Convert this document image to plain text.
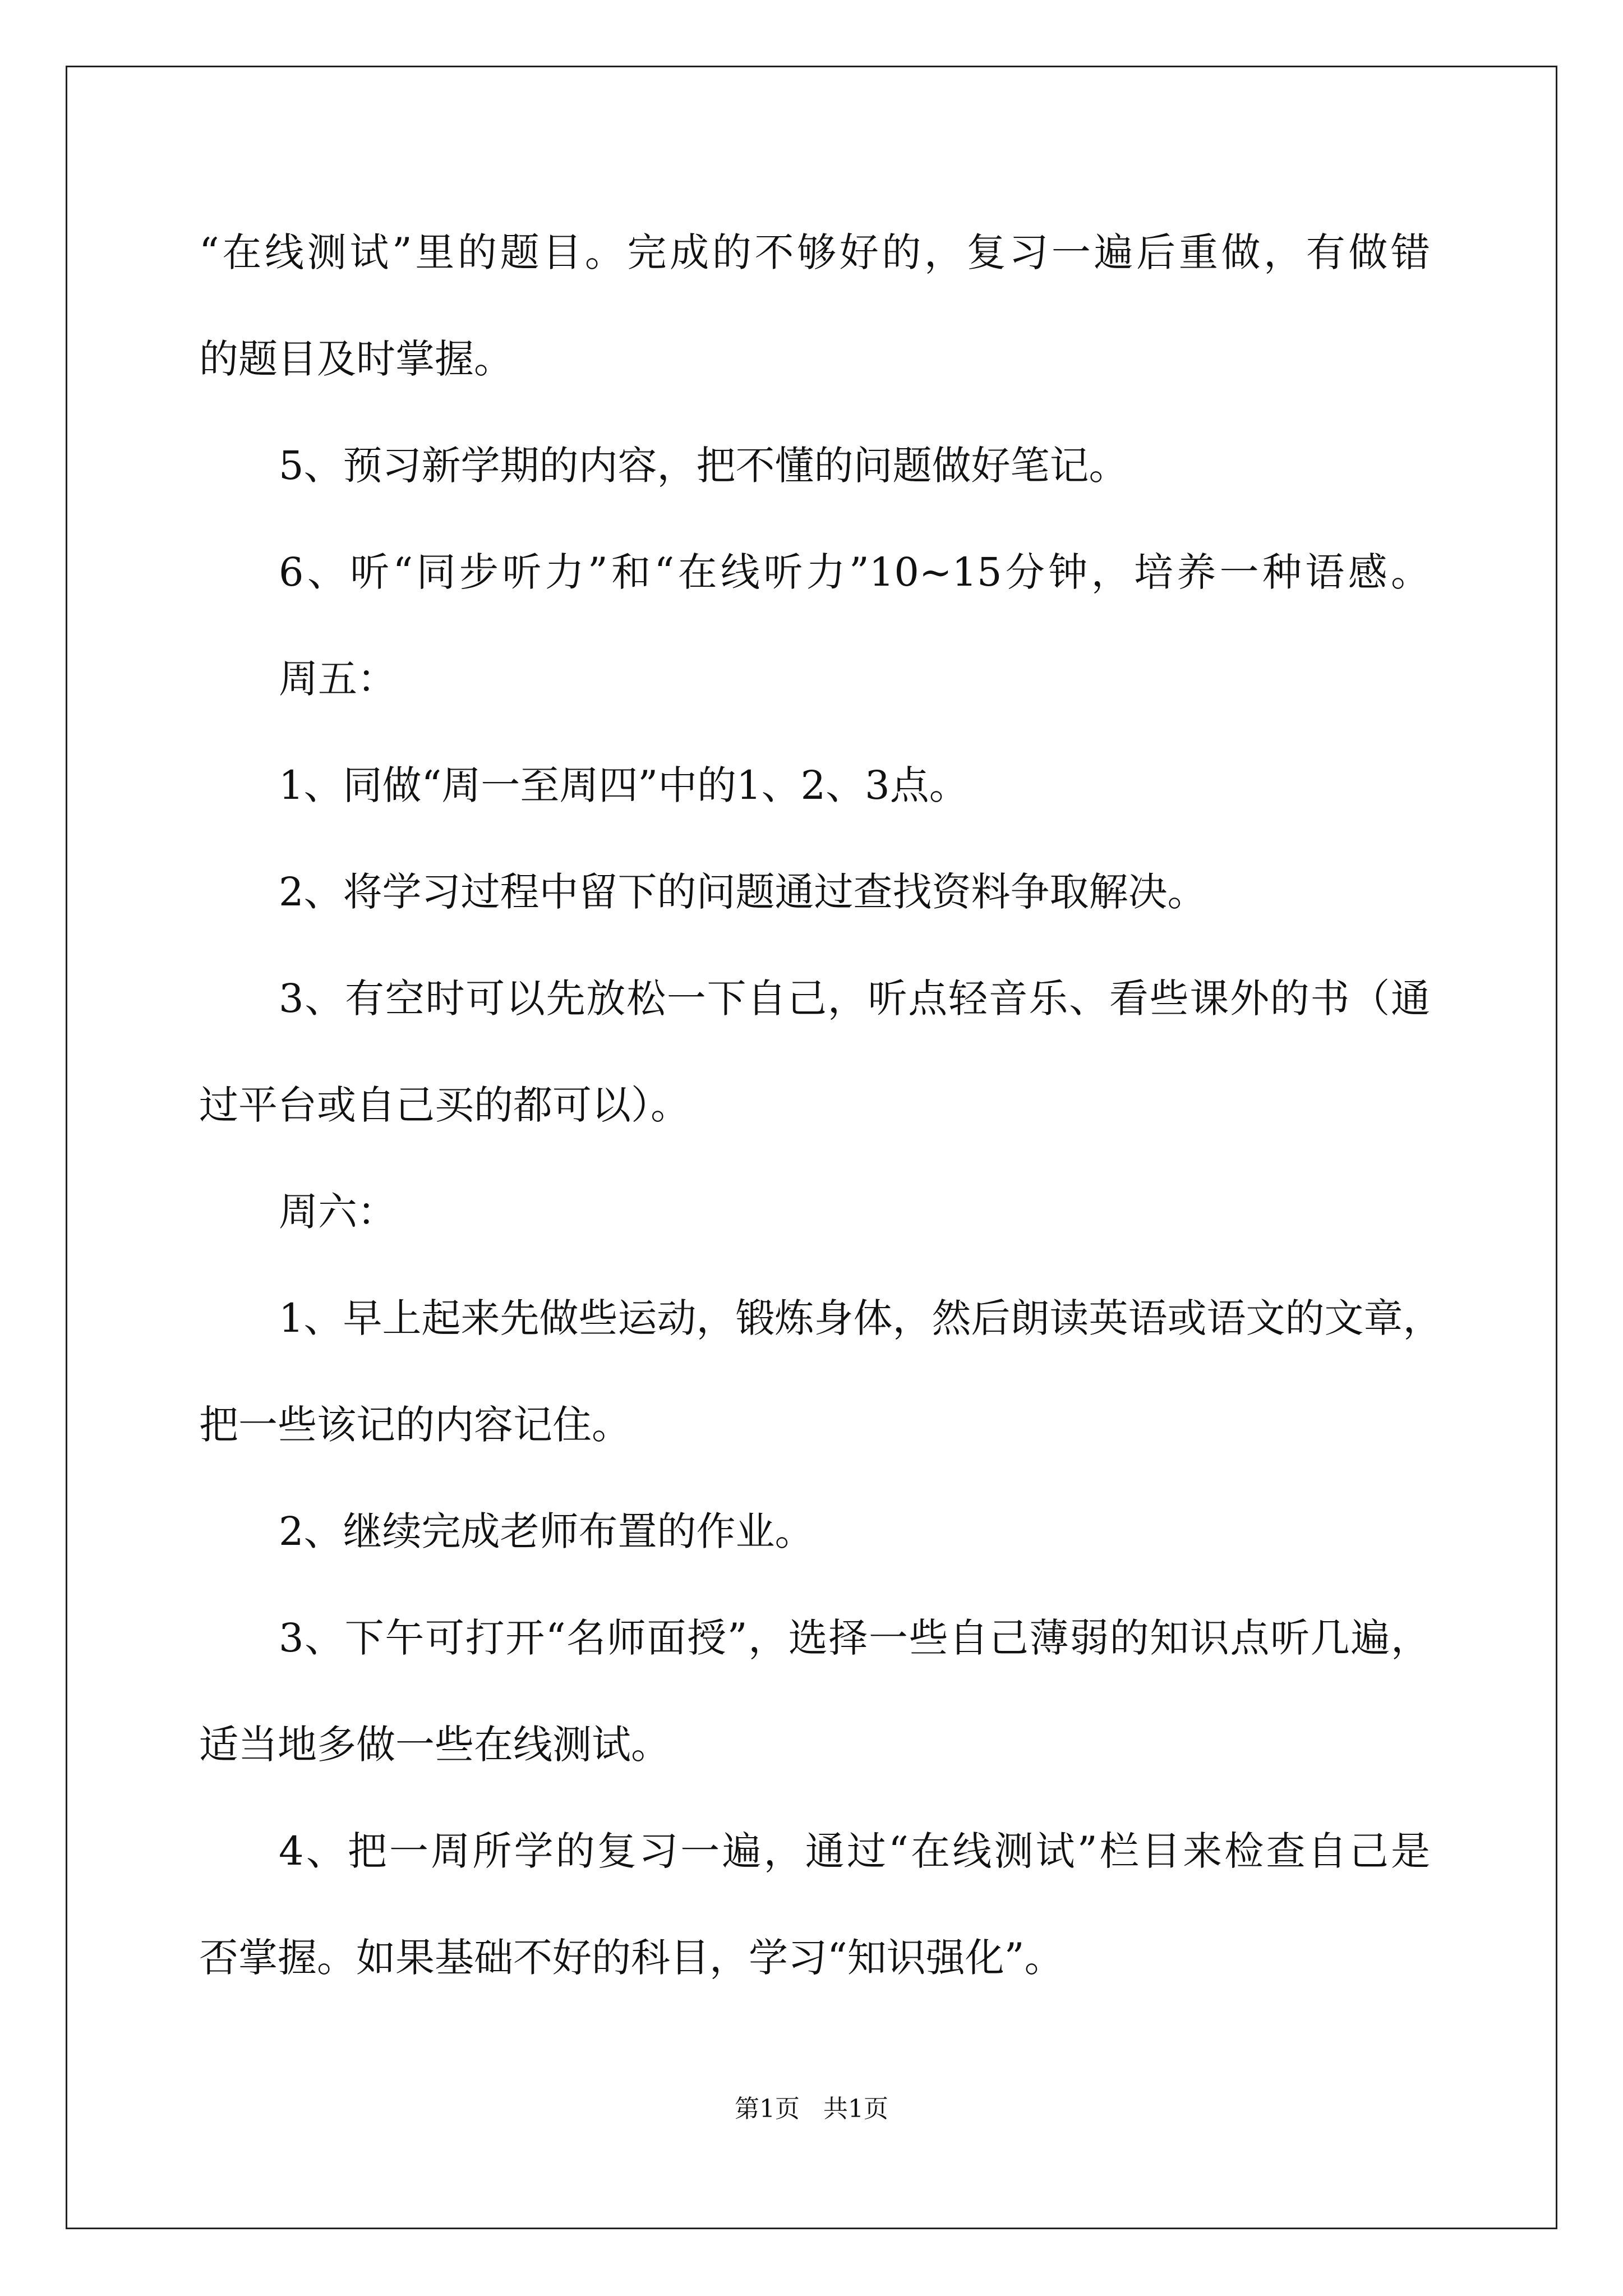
“在线测试”里的题目。完成的不够好的，复习一遍后重做，有做错
的题目及时掌握。
5、预习新学期的内容，把不懂的问题做好笔记。
6、听“同步听力”和“在线听力”10~15分钟，培养一种语感。
周五：
1、同做“周一至周四”中的1、2、3点。
2、将学习过程中留下的问题通过查找资料争取解决。
3、有空时可以先放松一下自己，听点轻音乐、看些课外的书（通
过平台或自己买的都可以）。
周六：
1、早上起来先做些运动，锻炼身体，然后朗读英语或语文的文章，
把一些该记的内容记住。
2、继续完成老师布置的作业。
3、下午可打开“名师面授”，选择一些自己薄弱的知识点听几遍，
适当地多做一些在线测试。
4、把一周所学的复习一遍，通过“在线测试”栏目来检查自己是
否掌握。如果基础不好的科目，学习“知识强化”。
第1页   共1页
